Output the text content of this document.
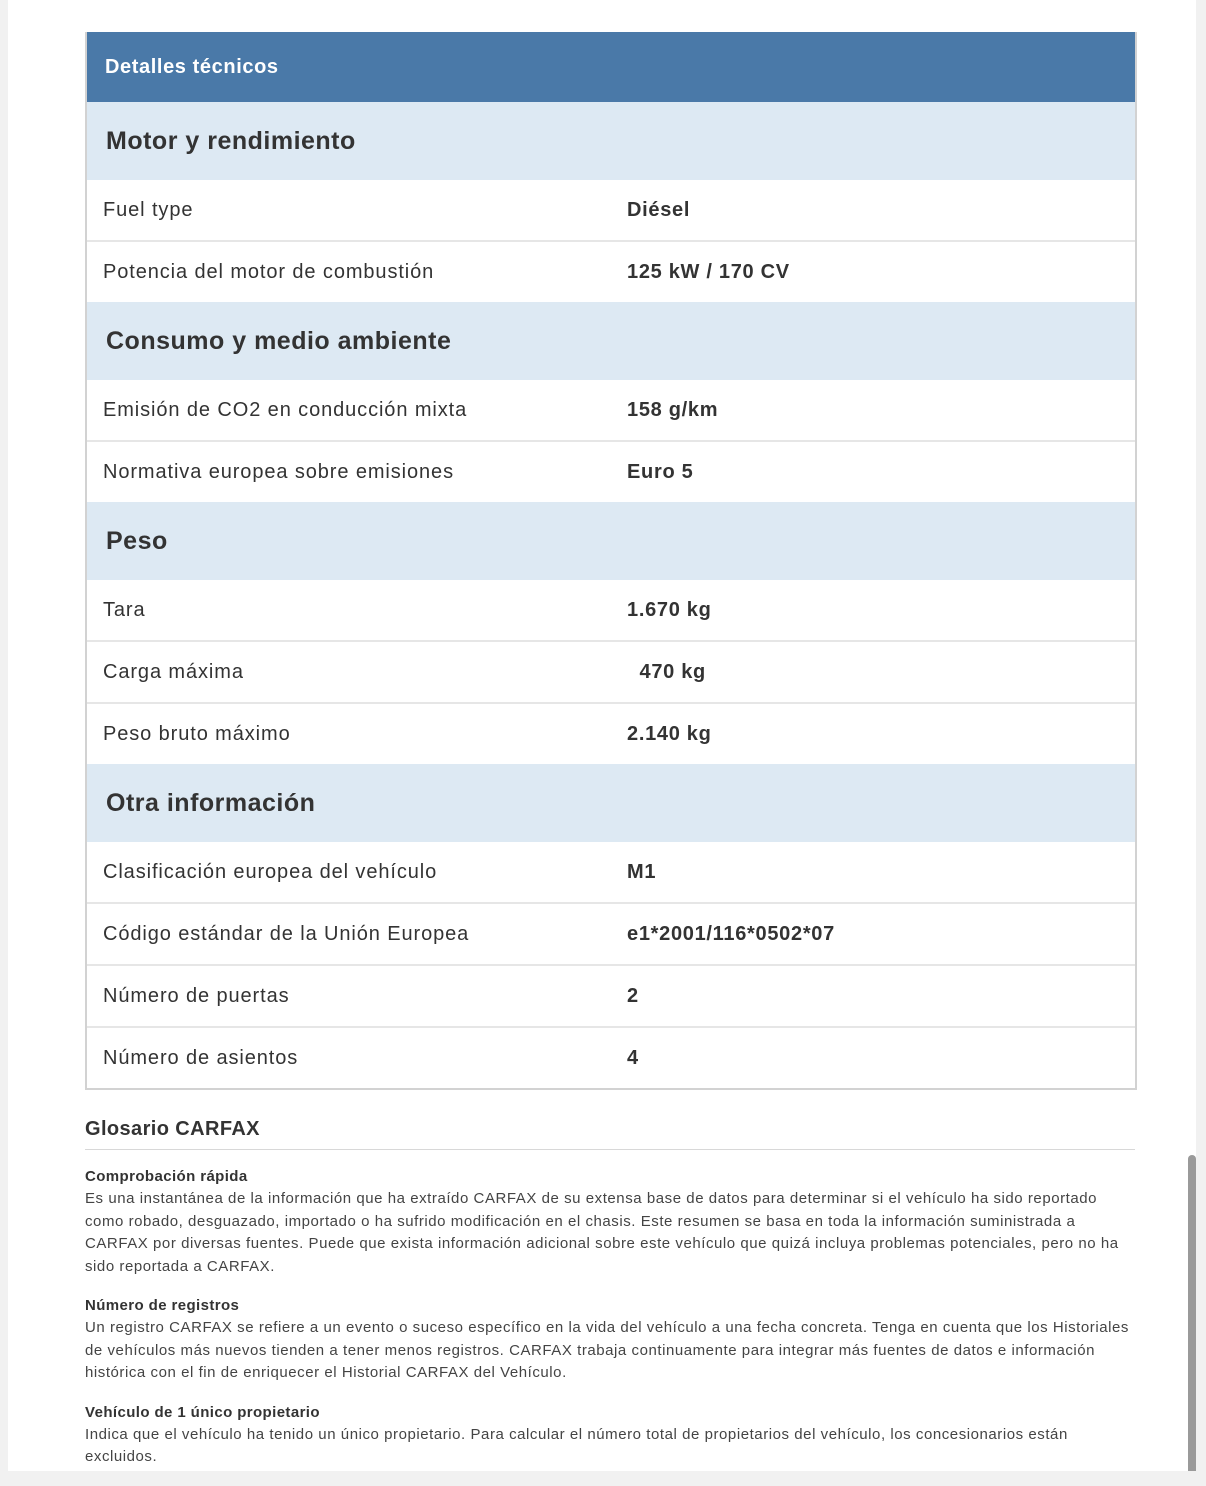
Detalles técnicos
Motor y rendimiento
Fuel type	Diésel
Potencia del motor de combustión	125 kW / 170 CV
Consumo y medio ambiente
Emisión de CO2 en conducción mixta	158 g/km
Normativa europea sobre emisiones	Euro 5
Peso
Tara	1.670 kg
Carga máxima	470 kg
Peso bruto máximo	2.140 kg
Otra información
Clasificación europea del vehículo	M1
Código estándar de la Unión Europea	e1*2001/116*0502*07
Número de puertas	2
Número de asientos	4
Glosario CARFAX
Comprobación rápida
Es una instantánea de la información que ha extraído CARFAX de su extensa base de datos para determinar si el vehículo ha sido reportado como robado, desguazado, importado o ha sufrido modificación en el chasis. Este resumen se basa en toda la información suministrada a CARFAX por diversas fuentes. Puede que exista información adicional sobre este vehículo que quizá incluya problemas potenciales, pero no ha sido reportada a CARFAX.
Número de registros
Un registro CARFAX se refiere a un evento o suceso específico en la vida del vehículo a una fecha concreta. Tenga en cuenta que los Historiales de vehículos más nuevos tienden a tener menos registros. CARFAX trabaja continuamente para integrar más fuentes de datos e información histórica con el fin de enriquecer el Historial CARFAX del Vehículo.
Vehículo de 1 único propietario
Indica que el vehículo ha tenido un único propietario. Para calcular el número total de propietarios del vehículo, los concesionarios están excluidos.
